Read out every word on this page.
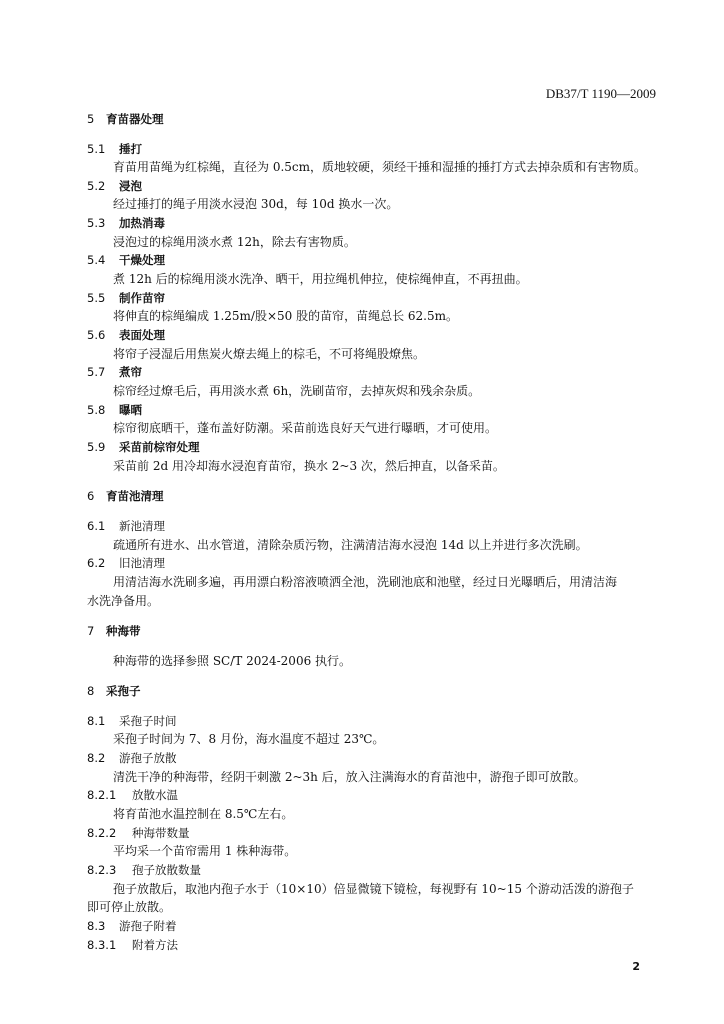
DB37/T 1190—2009
5 育苗器处理
5.1 捶打
育苗用苗绳为红棕绳，直径为 0.5cm，质地较硬，须经干捶和湿捶的捶打方式去掉杂质和有害物质。
5.2 浸泡
经过捶打的绳子用淡水浸泡 30d，每 10d 换水一次。
5.3 加热消毒
浸泡过的棕绳用淡水煮 12h，除去有害物质。
5.4 干燥处理
煮 12h 后的棕绳用淡水洗净、晒干，用拉绳机伸拉，使棕绳伸直，不再扭曲。
5.5 制作苗帘
将伸直的棕绳编成 1.25m/股×50 股的苗帘，苗绳总长 62.5m。
5.6 表面处理
将帘子浸湿后用焦炭火燎去绳上的棕毛，不可将绳股燎焦。
5.7 煮帘
棕帘经过燎毛后，再用淡水煮 6h，洗刷苗帘，去掉灰烬和残余杂质。
5.8 曝晒
棕帘彻底晒干，蓬布盖好防潮。采苗前选良好天气进行曝晒，才可使用。
5.9 采苗前棕帘处理
采苗前 2d 用冷却海水浸泡育苗帘，换水 2~3 次，然后抻直，以备采苗。
6 育苗池清理
6.1 新池清理
疏通所有进水、出水管道，清除杂质污物，注满清洁海水浸泡 14d 以上并进行多次洗刷。
6.2 旧池清理
用清洁海水洗刷多遍，再用漂白粉溶液喷洒全池，洗刷池底和池壁，经过日光曝晒后，用清洁海
水洗净备用。
7 种海带
种海带的选择参照 SC/T 2024-2006 执行。
8 采孢子
8.1 采孢子时间
采孢子时间为 7、8 月份，海水温度不超过 23℃。
8.2 游孢子放散
清洗干净的种海带，经阴干刺激 2~3h 后，放入注满海水的育苗池中，游孢子即可放散。
8.2.1 放散水温
将育苗池水温控制在 8.5℃左右。
8.2.2 种海带数量
平均采一个苗帘需用 1 株种海带。
8.2.3 孢子放散数量
孢子放散后，取池内孢子水于（10×10）倍显微镜下镜检，每视野有 10~15 个游动活泼的游孢子
即可停止放散。
8.3 游孢子附着
8.3.1 附着方法
2
